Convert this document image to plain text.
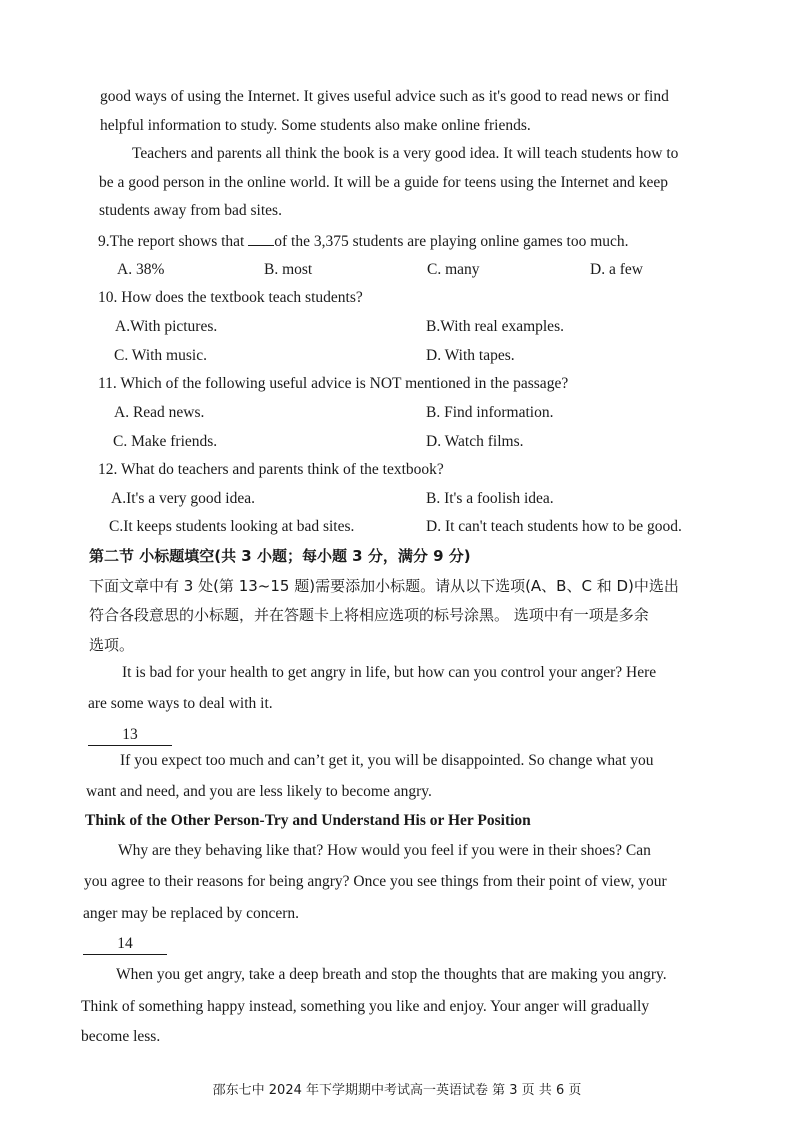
good ways of using the Internet. It gives useful advice such as it's good to read news or find
helpful information to study. Some students also make online friends.
Teachers and parents all think the book is a very good idea. It will teach students how to
be a good person in the online world. It will be a guide for teens using the Internet and keep
students away from bad sites.
9.The report shows that of the 3,375 students are playing online games too much.
A. 38%	B. most	C. many	D. a few
10. How does the textbook teach students?
A.With pictures.	B.With real examples.
C. With music.	D. With tapes.
11. Which of the following useful advice is NOT mentioned in the passage?
A. Read news.	B. Find information.
C. Make friends.	D. Watch films.
12. What do teachers and parents think of the textbook?
A.It's a very good idea.	B. It's a foolish idea.
C.It keeps students looking at bad sites.	D. It can't teach students how to be good.
第二节 小标题填空(共 3 小题；每小题 3 分，满分 9 分)
下面文章中有 3 处(第 13~15 题)需要添加小标题。请从以下选项(A、B、C 和 D)中选出
符合各段意思的小标题，并在答题卡上将相应选项的标号涂黑。 选项中有一项是多余
选项。
It is bad for your health to get angry in life, but how can you control your anger? Here
are some ways to deal with it.
13
If you expect too much and can’t get it, you will be disappointed. So change what you
want and need, and you are less likely to become angry.
Think of the Other Person-Try and Understand His or Her Position
Why are they behaving like that? How would you feel if you were in their shoes? Can
you agree to their reasons for being angry? Once you see things from their point of view, your
anger may be replaced by concern.
14
When you get angry, take a deep breath and stop the thoughts that are making you angry.
Think of something happy instead, something you like and enjoy. Your anger will gradually
become less.
邵东七中 2024 年下学期期中考试高一英语试卷 第 3 页 共 6 页
